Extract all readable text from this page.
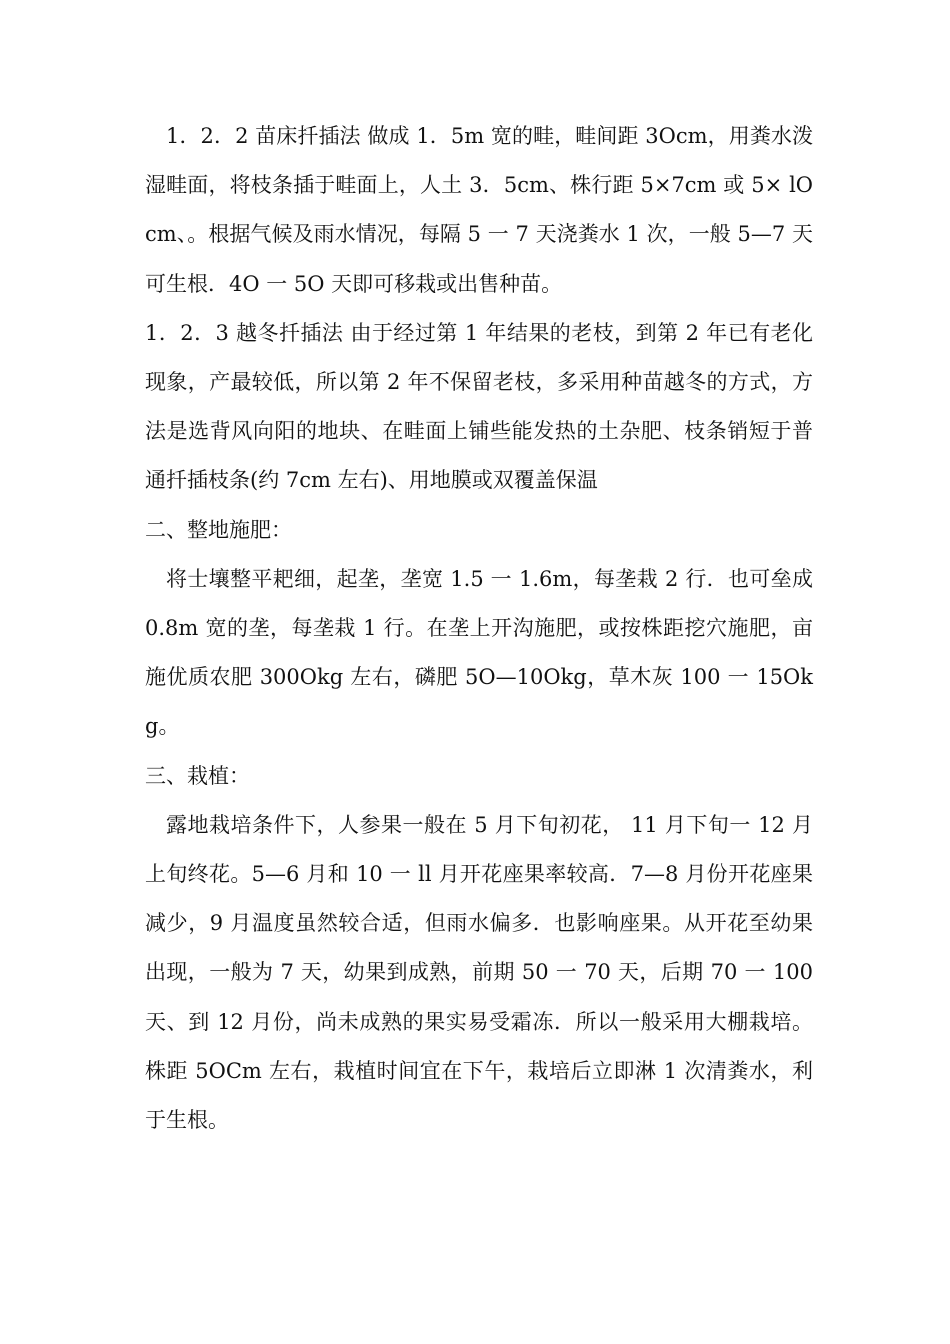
1．2．2 苗床扦插法 做成 1．5m 宽的畦，畦间距 3Ocm，用粪水泼湿畦面，将枝条插于畦面上，人土 3．5cm、株行距 5×7cm 或 5× lOcm、。根据气候及雨水情况，每隔 5 一 7 天浇粪水 1 次，一般 5—7 天可生根．4O 一 5O 天即可移栽或出售种苗。

1．2．3 越冬扦插法 由于经过第 1 年结果的老枝，到第 2 年已有老化现象，产最较低，所以第 2 年不保留老枝，多采用种苗越冬的方式，方法是选背风向阳的地块、在畦面上铺些能发热的土杂肥、枝条销短于普通扦插枝条(约 7cm 左右)、用地膜或双覆盖保温

二、整地施肥：

将士壤整平耙细，起垄，垄宽 1.5 一 1.6m，每垄栽 2 行．也可垒成 0.8m 宽的垄，每垄栽 1 行。在垄上开沟施肥，或按株距挖穴施肥，亩施优质农肥 300Okg 左右，磷肥 5O—10Okg，草木灰 100 一 15Okg。

三、栽植：

露地栽培条件下，人参果一般在 5 月下旬初花， 11 月下旬一 12 月上旬终花。5—6 月和 10 一 ll 月开花座果率较高．7—8 月份开花座果减少，9 月温度虽然较合适，但雨水偏多．也影响座果。从开花至幼果出现，一般为 7 天，幼果到成熟，前期 50 一 70 天，后期 70 一 100 天、到 12 月份，尚未成熟的果实易受霜冻．所以一般采用大棚栽培。株距 5OCm 左右，栽植时间宜在下午，栽培后立即淋 1 次清粪水，利于生根。
